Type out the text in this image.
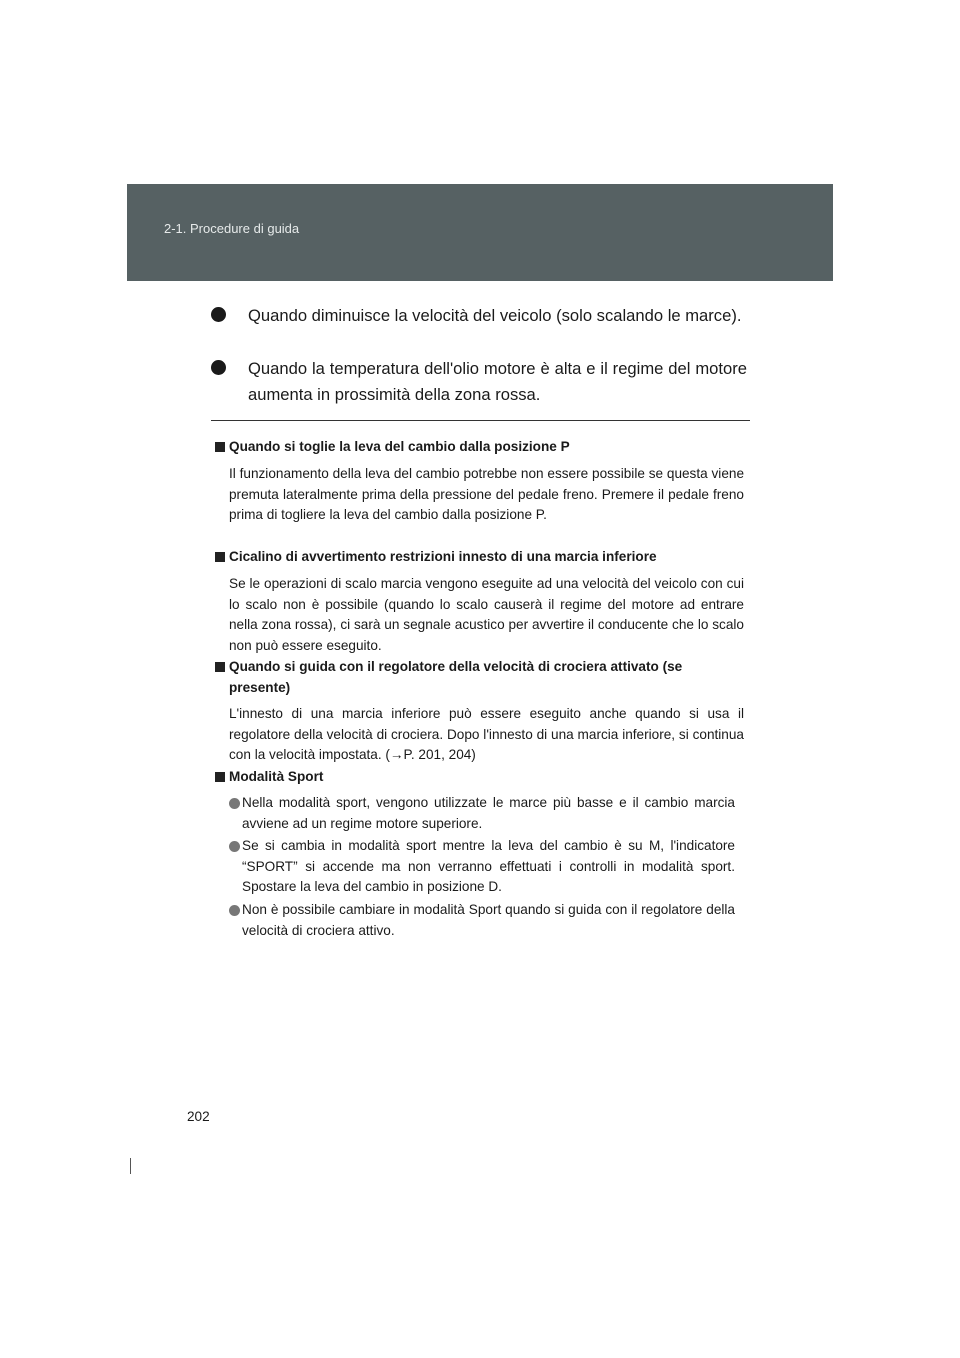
2-1. Procedure di guida
Quando diminuisce la velocità del veicolo (solo scalando le marce).
Quando la temperatura dell'olio motore è alta e il regime del motore aumenta in prossimità della zona rossa.
Quando si toglie la leva del cambio dalla posizione P
Il funzionamento della leva del cambio potrebbe non essere possibile se questa viene premuta lateralmente prima della pressione del pedale freno. Premere il pedale freno prima di togliere la leva del cambio dalla posizione P.
Cicalino di avvertimento restrizioni innesto di una marcia inferiore
Se le operazioni di scalo marcia vengono eseguite ad una velocità del veicolo con cui lo scalo non è possibile (quando lo scalo causerà il regime del motore ad entrare nella zona rossa), ci sarà un segnale acustico per avvertire il conducente che lo scalo non può essere eseguito.
Quando si guida con il regolatore della velocità di crociera attivato (se presente)
L'innesto di una marcia inferiore può essere eseguito anche quando si usa il regolatore della velocità di crociera. Dopo l'innesto di una marcia inferiore, si continua con la velocità impostata. (→P. 201, 204)
Modalità Sport
Nella modalità sport, vengono utilizzate le marce più basse e il cambio marcia avviene ad un regime motore superiore.
Se si cambia in modalità sport mentre la leva del cambio è su M, l'indicatore “SPORT” si accende ma non verranno effettuati i controlli in modalità sport. Spostare la leva del cambio in posizione D.
Non è possibile cambiare in modalità Sport quando si guida con il regolatore della velocità di crociera attivo.
202
